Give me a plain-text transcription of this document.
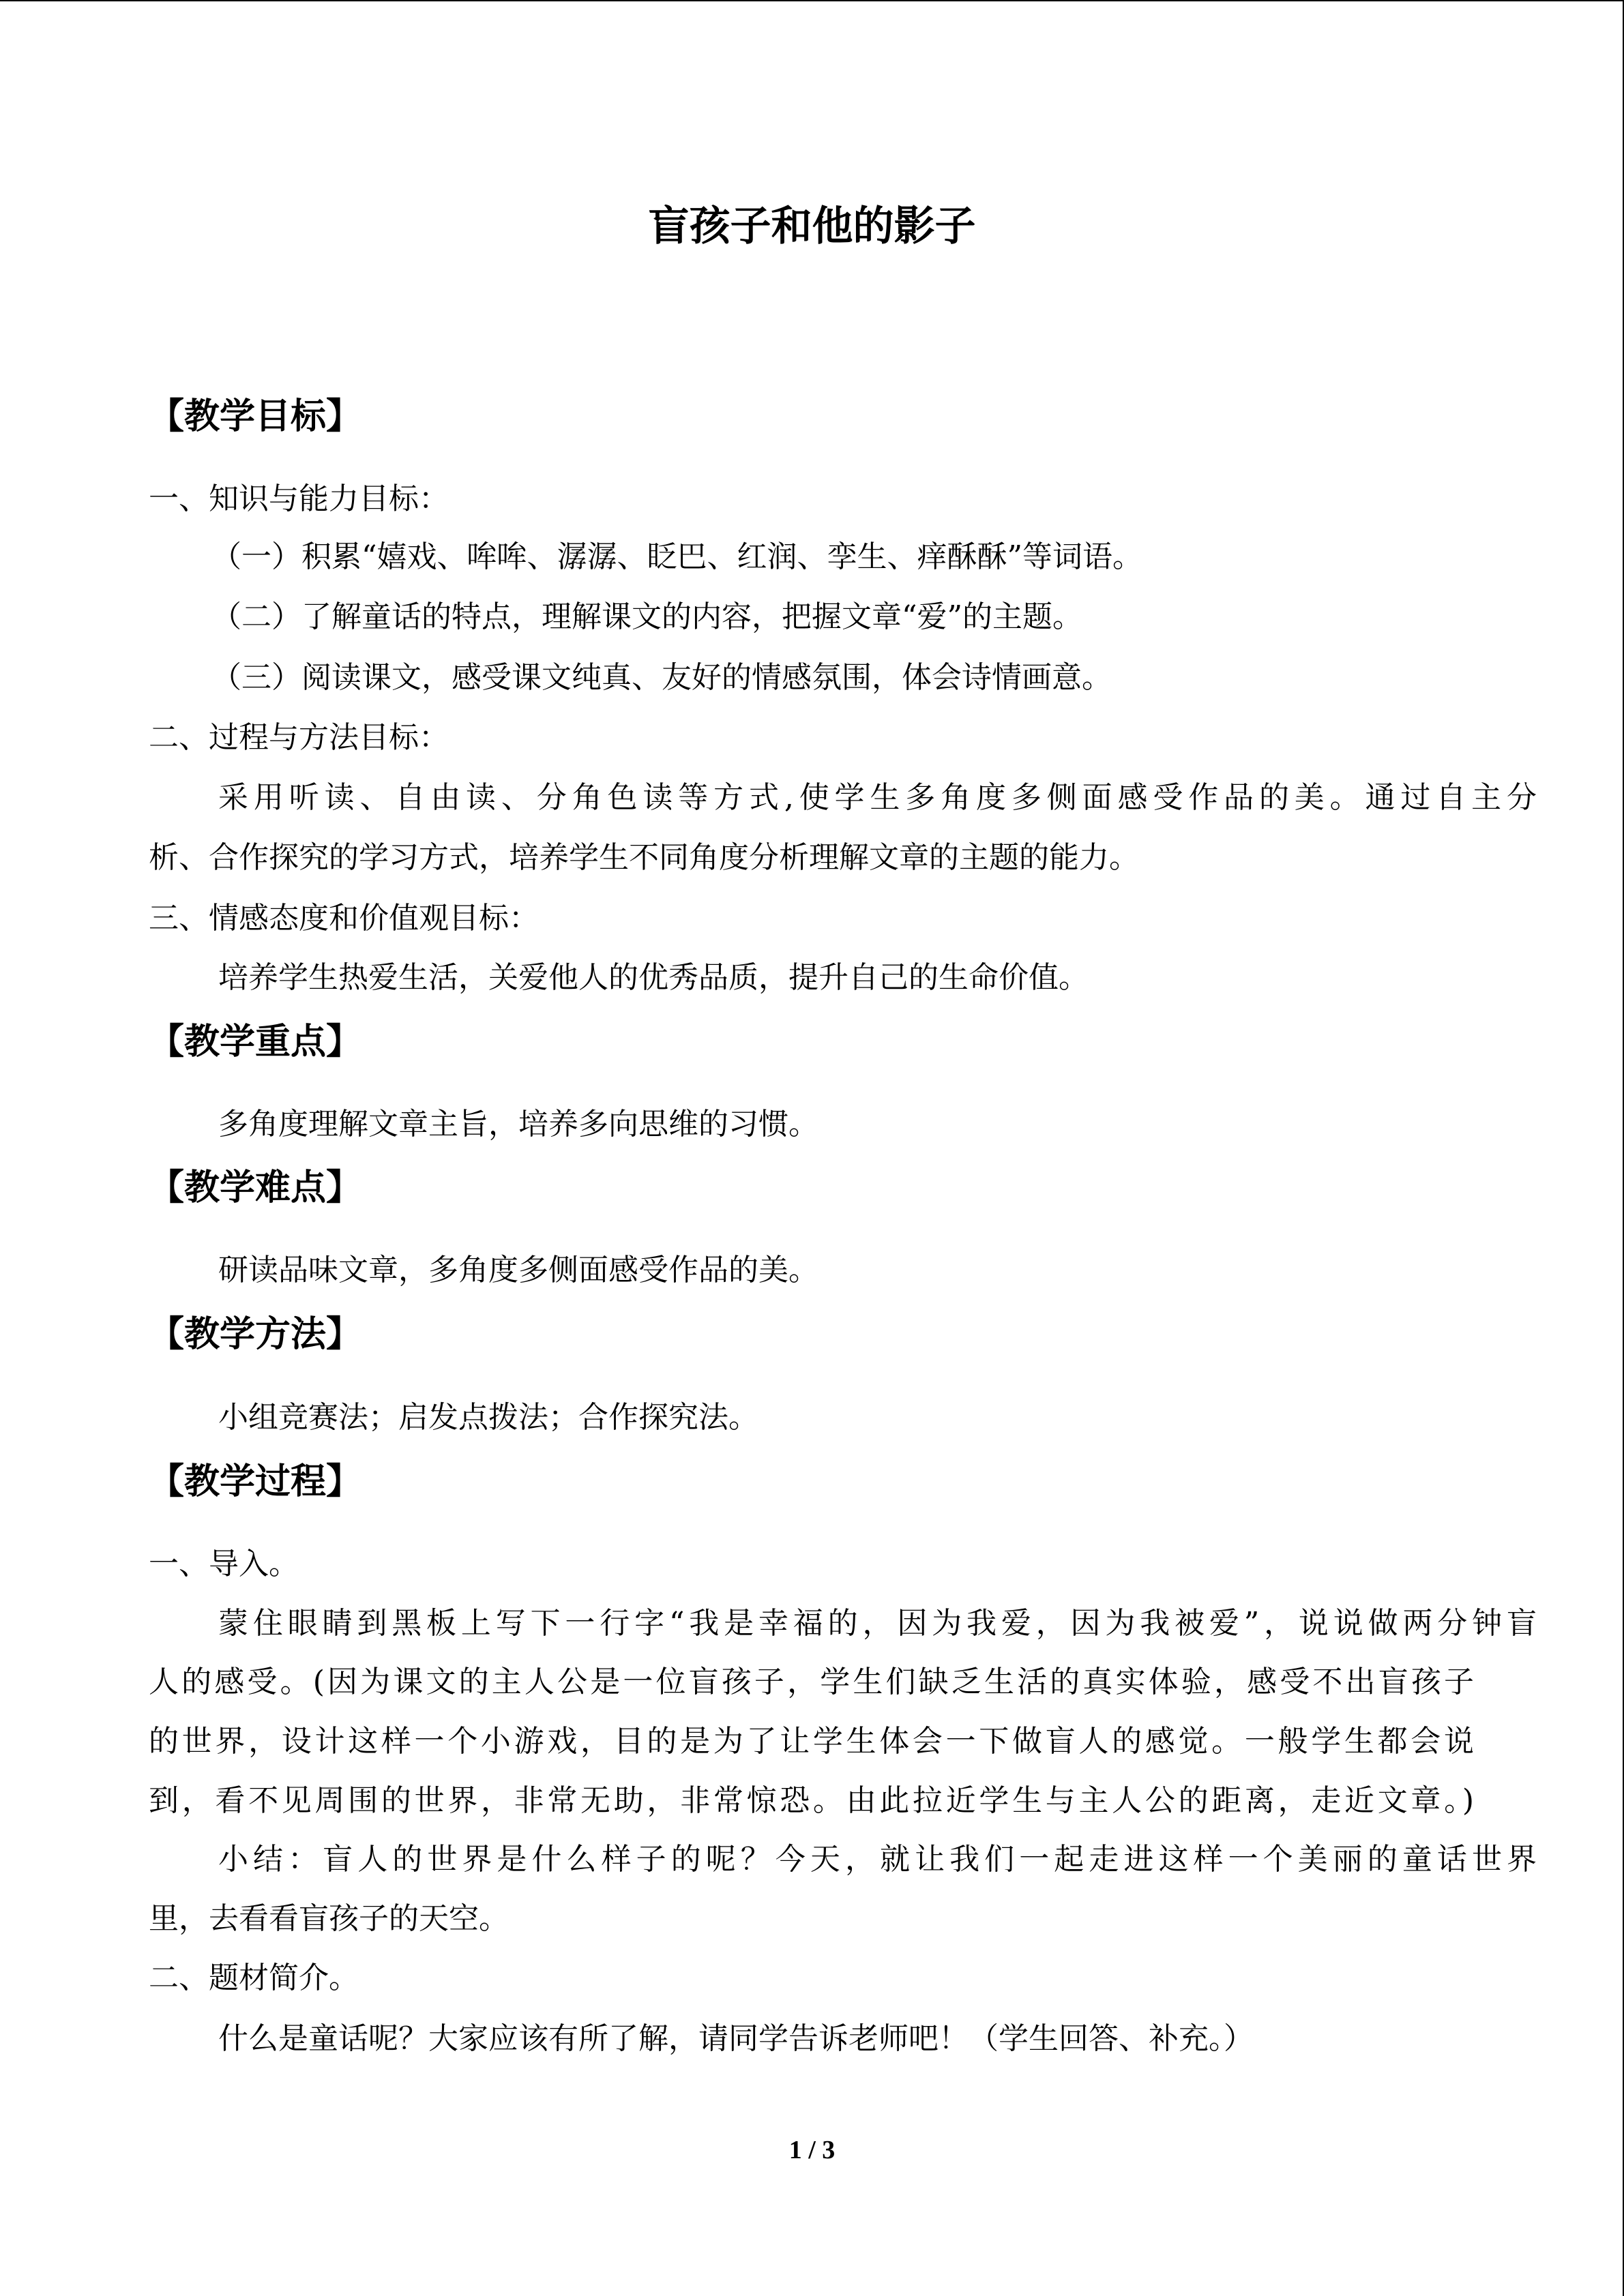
盲孩子和他的影子
【教学目标】
一、知识与能力目标：
（一）积累“嬉戏、哞哞、潺潺、眨巴、红润、孪生、痒酥酥”等词语。
（二）了解童话的特点，理解课文的内容，把握文章“爱”的主题。
（三）阅读课文，感受课文纯真、友好的情感氛围，体会诗情画意。
二、过程与方法目标：
采用听读、自由读、分角色读等方式,使学生多角度多侧面感受作品的美。通过自主分
析、合作探究的学习方式，培养学生不同角度分析理解文章的主题的能力。
三、情感态度和价值观目标：
培养学生热爱生活，关爱他人的优秀品质，提升自己的生命价值。
【教学重点】
多角度理解文章主旨，培养多向思维的习惯。
【教学难点】
研读品味文章，多角度多侧面感受作品的美。
【教学方法】
小组竞赛法；启发点拨法；合作探究法。
【教学过程】
一、导入。
蒙住眼睛到黑板上写下一行字“我是幸福的，因为我爱，因为我被爱”，说说做两分钟盲
人的感受。(因为课文的主人公是一位盲孩子，学生们缺乏生活的真实体验，感受不出盲孩子
的世界，设计这样一个小游戏，目的是为了让学生体会一下做盲人的感觉。一般学生都会说
到，看不见周围的世界，非常无助，非常惊恐。由此拉近学生与主人公的距离，走近文章。)
小结：盲人的世界是什么样子的呢？今天，就让我们一起走进这样一个美丽的童话世界
里，去看看盲孩子的天空。
二、题材简介。
什么是童话呢？大家应该有所了解，请同学告诉老师吧！（学生回答、补充。）
1 / 3
